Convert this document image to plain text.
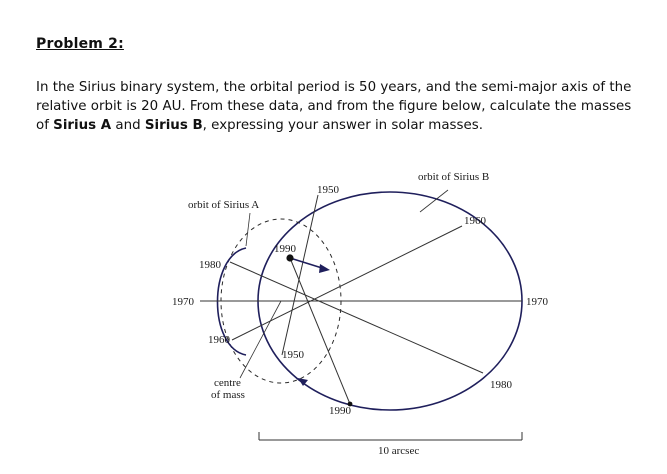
Problem 2:
In the Sirius binary system, the orbital period is 50 years, and the semi-major axis of the relative orbit is 20 AU. From these data, and from the figure below, calculate the masses of Sirius A and Sirius B, expressing your answer in solar masses.
orbit of Sirius A
orbit of Sirius B
centre
of mass
10 arcsec
1950
1960
1970
1980
1990
1990
1980
1970
1960
1950
